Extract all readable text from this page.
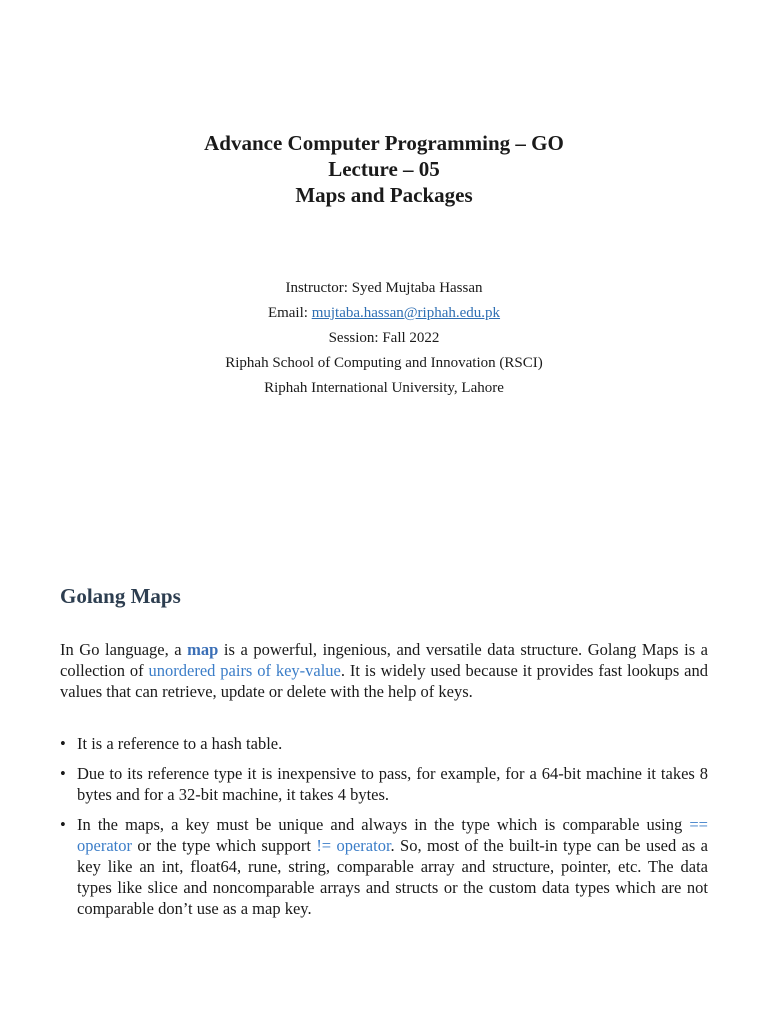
Advance Computer Programming – GO
Lecture – 05
Maps and Packages
Instructor: Syed Mujtaba Hassan
Email: mujtaba.hassan@riphah.edu.pk
Session: Fall 2022
Riphah School of Computing and Innovation (RSCI)
Riphah International University, Lahore
Golang Maps

In Go language, a map is a powerful, ingenious, and versatile data structure. Golang Maps is a collection of unordered pairs of key-value. It is widely used because it provides fast lookups and values that can retrieve, update or delete with the help of keys.

• It is a reference to a hash table.
• Due to its reference type it is inexpensive to pass, for example, for a 64-bit machine it takes 8 bytes and for a 32-bit machine, it takes 4 bytes.
• In the maps, a key must be unique and always in the type which is comparable using == operator or the type which support != operator. So, most of the built-in type can be used as a key like an int, float64, rune, string, comparable array and structure, pointer, etc. The data types like slice and noncomparable arrays and structs or the custom data types which are not comparable don’t use as a map key.
